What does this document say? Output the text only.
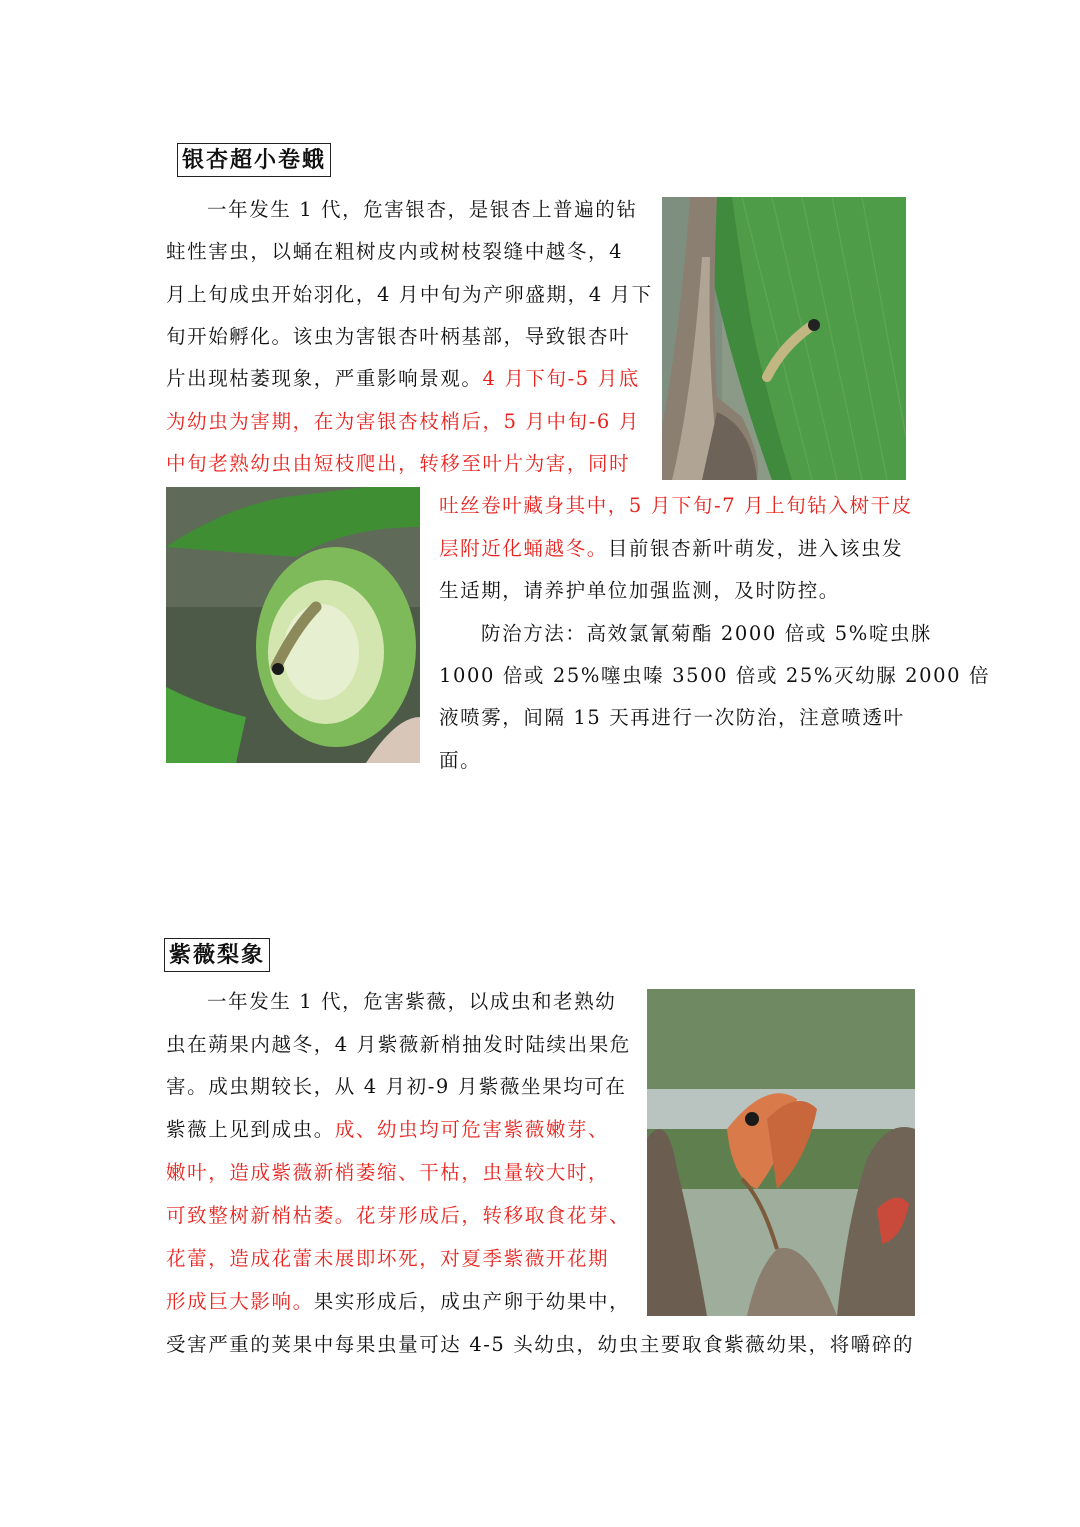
银杏超小卷蛾
一年发生 1 代，危害银杏，是银杏上普遍的钻
蛀性害虫，以蛹在粗树皮内或树枝裂缝中越冬，4
月上旬成虫开始羽化，4 月中旬为产卵盛期，4 月下
旬开始孵化。该虫为害银杏叶柄基部，导致银杏叶
片出现枯萎现象，严重影响景观。4 月下旬-5 月底
为幼虫为害期，在为害银杏枝梢后，5 月中旬-6 月
中旬老熟幼虫由短枝爬出，转移至叶片为害，同时
吐丝卷叶藏身其中，5 月下旬-7 月上旬钻入树干皮
层附近化蛹越冬。目前银杏新叶萌发，进入该虫发
生适期，请养护单位加强监测，及时防控。
防治方法：高效氯氰菊酯 2000 倍或 5%啶虫脒
1000 倍或 25%噻虫嗪 3500 倍或 25%灭幼脲 2000 倍
液喷雾，间隔 15 天再进行一次防治，注意喷透叶
面。
紫薇梨象
一年发生 1 代，危害紫薇，以成虫和老熟幼
虫在蒴果内越冬，4 月紫薇新梢抽发时陆续出果危
害。成虫期较长，从 4 月初-9 月紫薇坐果均可在
紫薇上见到成虫。成、幼虫均可危害紫薇嫩芽、
嫩叶，造成紫薇新梢萎缩、干枯，虫量较大时，
可致整树新梢枯萎。花芽形成后，转移取食花芽、
花蕾，造成花蕾未展即坏死，对夏季紫薇开花期
形成巨大影响。果实形成后，成虫产卵于幼果中，
受害严重的荚果中每果虫量可达 4-5 头幼虫，幼虫主要取食紫薇幼果，将嚼碎的
